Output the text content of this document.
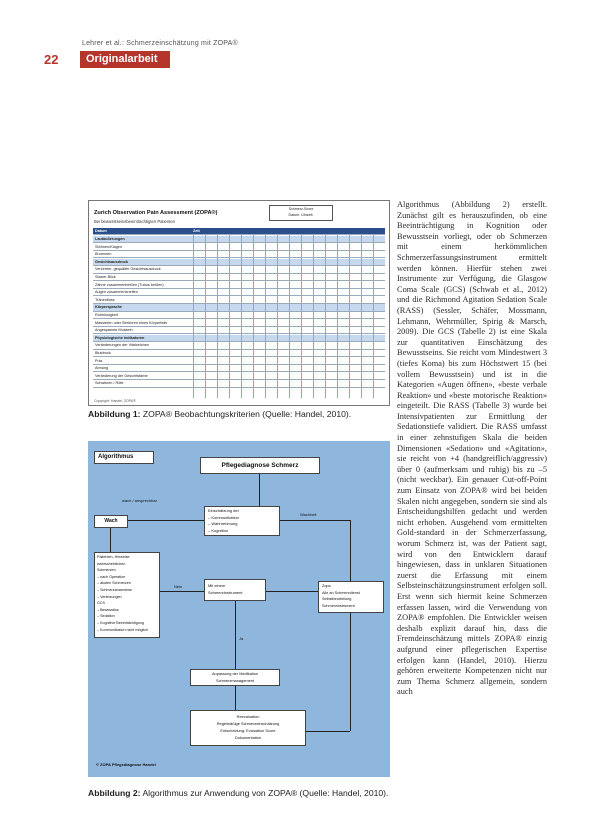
Lehrer et al.: Schmerzeinschätzung mit ZOPA®
22	Originalarbeit
Zurich Observation Pain Assessment (ZOPA®)
Bei bewusstseinsbeeinträchtigten Patienten
Schmerz-Score
Datum: Uhrzeit:
Datum	Zeit
Lautäußerungen
Stöhnen/Klagen
Brummen
Gesichtsausdruck
Verzerrter, gequälter Gesichtsausdruck
Starrer Blick
Zähne zusammenbeißen (Tubus beißen)
Augen zusammenkneifen
Tränenfluss
Körpersprache
Ruhelosigkeit
Massieren oder Berühren eines Körperteils
Angespannte Muskeln
Physiologische Indikatoren
Veränderungen der Vitalzeichen
Blutdruck
Puls
Atmung
Veränderung der Gesichtsfarbe
Schwitzen / Röte
Copyright: Handel, ZOPA®
Abbildung 1: ZOPA® Beobachtungskriterien (Quelle: Handel, 2010).
Algorithmus
Pflegediagnose Schmerz
wach / ansprechbar
Einschätzung der
– Kommunikation
– Wahrnehmung
– Kognition
Wachheit
Wach
Patienten, Hinweise
wahrscheinlichen
Schmerzen
– nach Operation
– akuten Schmerzen
– Schmerzanamnese
– Verletzungen
GCS
– Bewusstlos
– Sedation
– Kognitive Beeinträchtigung
– Kommunikation nicht möglich
Nein	Mit einem
Schmerzinstrument
Zopa
Alle an Schmerzdienst
Selbstbeurteilung
Schmerzinstrument
Ja
Anpassung der Medikation
Schmerzmanagement
Reevaluation
Regelmäßige Schmerzeinschätzung
Entscheidung: Evaluation Score
Dokumentation
© ZOPA Pflegediagnose Handel
Abbildung 2: Algorithmus zur Anwendung von ZOPA® (Quelle: Handel, 2010).

Algorithmus (Abbildung 2) erstellt. Zunächst gilt es herauszufinden, ob eine Beeinträchtigung in Kognition oder Bewusstsein vorliegt, oder ob Schmerzen mit einem herkömmlichen Schmerzerfassungsinstrument ermittelt werden können. Hierfür stehen zwei Instrumente zur Verfügung, die Glasgow Coma Scale (GCS) (Schwab et al., 2012) und die Richmond Agitation Sedation Scale (RASS) (Sessler, Schäfer, Mossmann, Lehmann, Wehrmüller, Spirig & Marsch, 2009). Die GCS (Tabelle 2) ist eine Skala zur quantitativen Einschätzung des Bewusstseins. Sie reicht vom Mindestwert 3 (tiefes Koma) bis zum Höchstwert 15 (bei vollem Bewusstsein) und ist in die Kategorien «Augen öffnen», «beste verbale Reaktion» und «beste motorische Reaktion» eingeteilt. Die RASS (Tabelle 3) wurde bei Intensivpatienten zur Ermittlung der Sedationstiefe validiert. Die RASS umfasst in einer zehnstufigen Skala die beiden Dimensionen «Sedation» und «Agitation», sie reicht von +4 (handgreiflich/aggressiv) über 0 (aufmerksam und ruhig) bis zu –5 (nicht weckbar). Ein genauer Cut-off-Point zum Einsatz von ZOPA® wird bei beiden Skalen nicht angegeben, sondern sie sind als Entscheidungshilfen gedacht und werden nicht erhoben. Ausgehend vom ermittelten Gold-standard in der Schmerzerfassung, worum Schmerz ist, was der Patient sagt, wird von den Entwicklern darauf hingewiesen, dass in unklaren Situationen zuerst die Erfassung mit einem Selbsteinschätzungsinstrument erfolgen soll. Erst wenn sich hiermit keine Schmerzen erfassen lassen, wird die Verwendung von ZOPA® empfohlen. Die Entwickler weisen deshalb explizit darauf hin, dass die Fremdeinschätzung mittels ZOPA® einzig aufgrund einer pflegerischen Expertise erfolgen kann (Handel, 2010). Hierzu gehören erweiterte Kompetenzen nicht nur zum Thema Schmerz allgemein, sondern auch
